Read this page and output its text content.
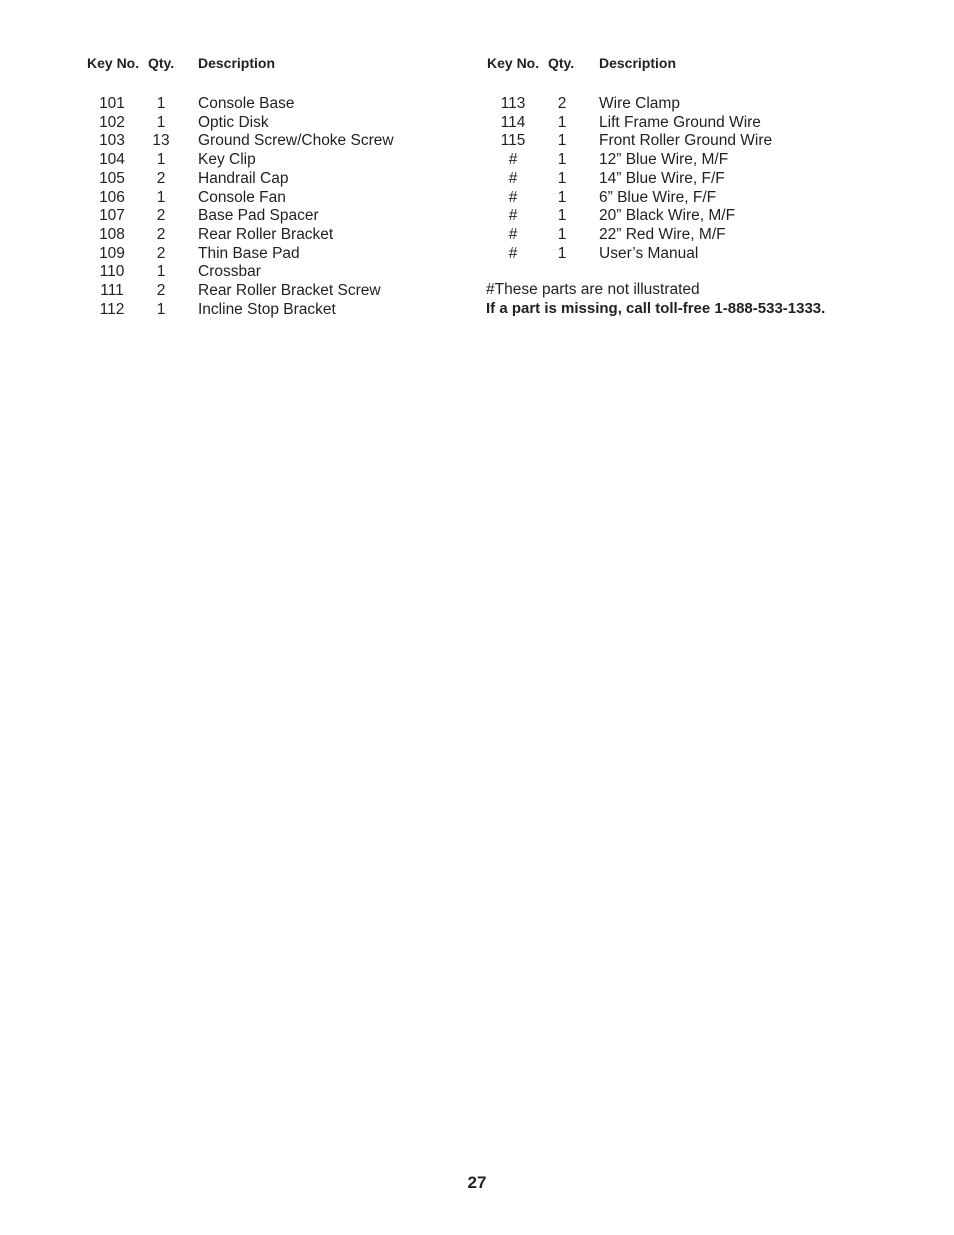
Key No. Qty. Description	Key No. Qty. Description
101	1	Console Base
102	1	Optic Disk
103	13	Ground Screw/Choke Screw
104	1	Key Clip
105	2	Handrail Cap
106	1	Console Fan
107	2	Base Pad Spacer
108	2	Rear Roller Bracket
109	2	Thin Base Pad
110	1	Crossbar
111	2	Rear Roller Bracket Screw
112	1	Incline Stop Bracket
113	2	Wire Clamp
114	1	Lift Frame Ground Wire
115	1	Front Roller Ground Wire
#	1	12” Blue Wire, M/F
#	1	14” Blue Wire, F/F
#	1	6” Blue Wire, F/F
#	1	20” Black Wire, M/F
#	1	22” Red Wire, M/F
#	1	User’s Manual
#These parts are not illustrated
If a part is missing, call toll-free 1-888-533-1333.
27
